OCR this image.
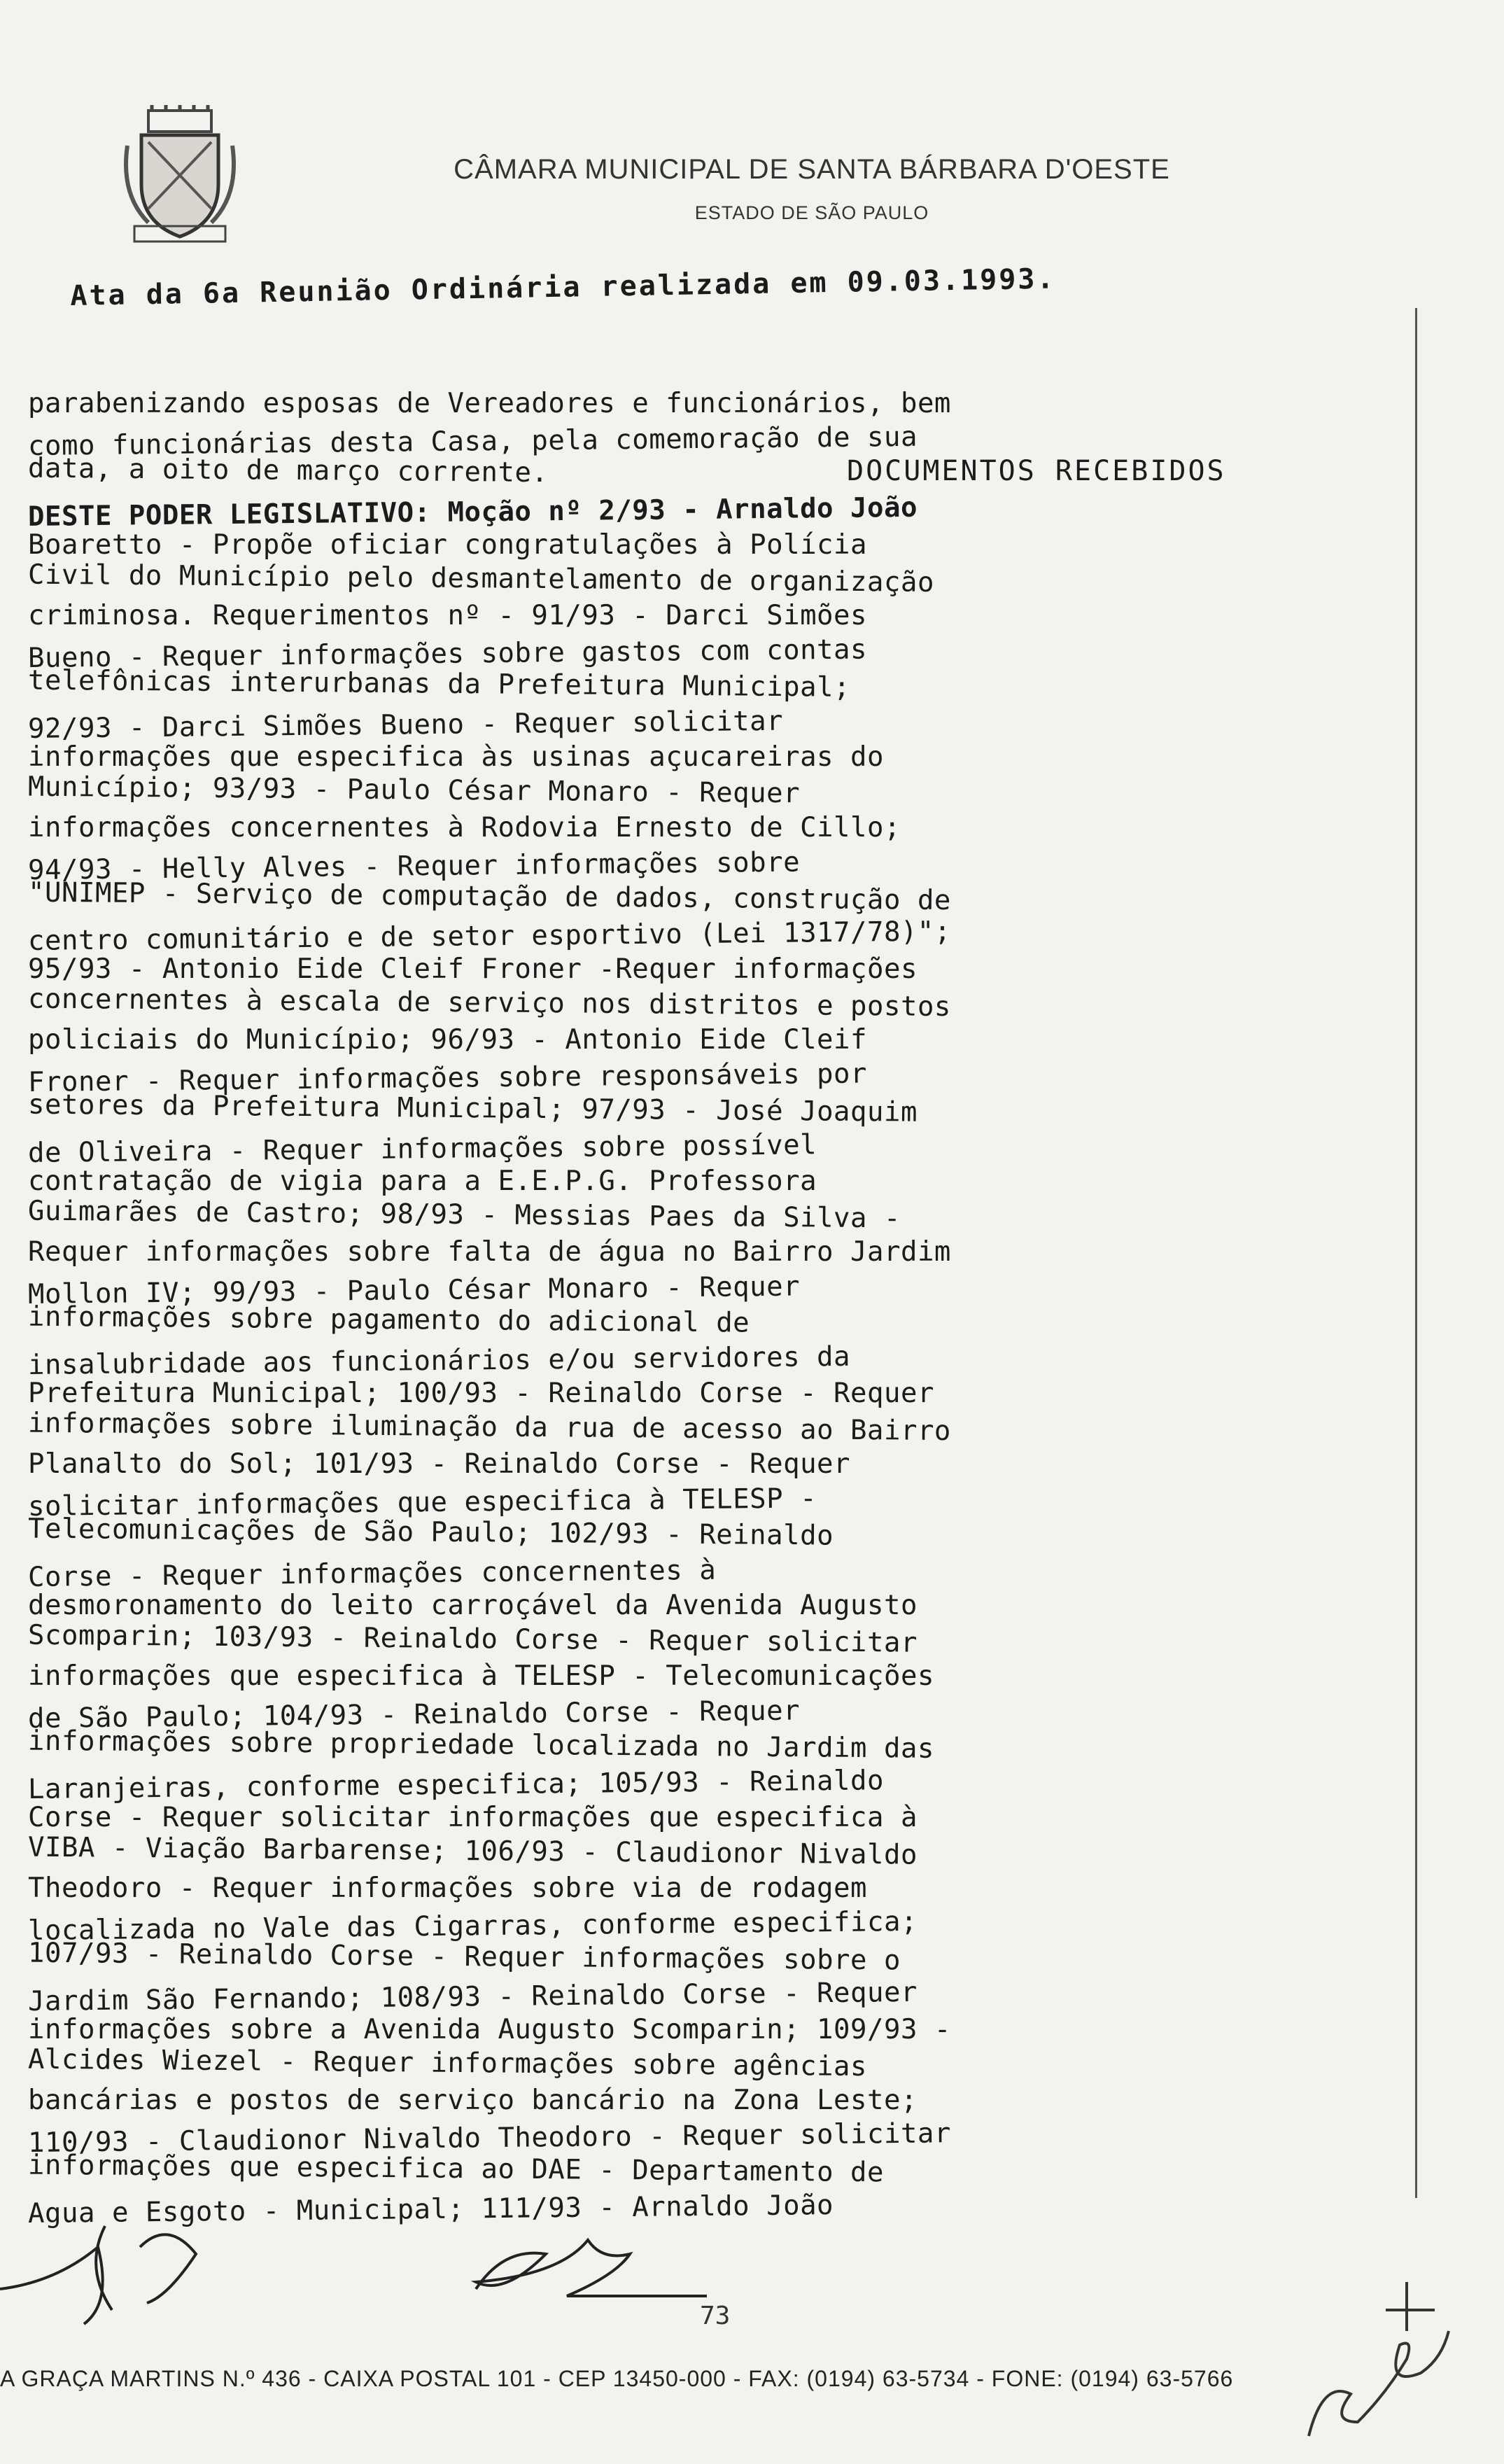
CÂMARA MUNICIPAL DE SANTA BÁRBARA D'OESTE
ESTADO DE SÃO PAULO
Ata da 6a Reunião Ordinária realizada em 09.03.1993.
parabenizando esposas de Vereadores e funcionários, bem
como funcionárias desta Casa, pela comemoração de sua
data, a oito de março corrente.
DESTE PODER LEGISLATIVO: Moção nº 2/93 - Arnaldo João
Boaretto - Propõe oficiar congratulações à Polícia
Civil do Município pelo desmantelamento de organização
criminosa. Requerimentos nº - 91/93 - Darci Simões
Bueno - Requer informações sobre gastos com contas
telefônicas interurbanas da Prefeitura Municipal;
92/93 - Darci Simões Bueno - Requer solicitar
informações que especifica às usinas açucareiras do
Município; 93/93 - Paulo César Monaro - Requer
informações concernentes à Rodovia Ernesto de Cillo;
94/93 - Helly Alves - Requer informações sobre
"UNIMEP - Serviço de computação de dados, construção de
centro comunitário e de setor esportivo (Lei 1317/78)";
95/93 - Antonio Eide Cleif Froner -Requer informações
concernentes à escala de serviço nos distritos e postos
policiais do Município; 96/93 - Antonio Eide Cleif
Froner - Requer informações sobre responsáveis por
setores da Prefeitura Municipal; 97/93 - José Joaquim
de Oliveira - Requer informações sobre possível
contratação de vigia para a E.E.P.G. Professora
Guimarães de Castro; 98/93 - Messias Paes da Silva -
Requer informações sobre falta de água no Bairro Jardim
Mollon IV; 99/93 - Paulo César Monaro - Requer
informações sobre pagamento do adicional de
insalubridade aos funcionários e/ou servidores da
Prefeitura Municipal; 100/93 - Reinaldo Corse - Requer
informações sobre iluminação da rua de acesso ao Bairro
Planalto do Sol; 101/93 - Reinaldo Corse - Requer
solicitar informações que especifica à TELESP -
Telecomunicações de São Paulo; 102/93 - Reinaldo
Corse - Requer informações concernentes à
desmoronamento do leito carroçável da Avenida Augusto
Scomparin; 103/93 - Reinaldo Corse - Requer solicitar
informações que especifica à TELESP - Telecomunicações
de São Paulo; 104/93 - Reinaldo Corse - Requer
informações sobre propriedade localizada no Jardim das
Laranjeiras, conforme especifica; 105/93 - Reinaldo
Corse - Requer solicitar informações que especifica à
VIBA - Viação Barbarense; 106/93 - Claudionor Nivaldo
Theodoro - Requer informações sobre via de rodagem
localizada no Vale das Cigarras, conforme especifica;
107/93 - Reinaldo Corse - Requer informações sobre o
Jardim São Fernando; 108/93 - Reinaldo Corse - Requer
informações sobre a Avenida Augusto Scomparin; 109/93 -
Alcides Wiezel - Requer informações sobre agências
bancárias e postos de serviço bancário na Zona Leste;
110/93 - Claudionor Nivaldo Theodoro - Requer solicitar
informações que especifica ao DAE - Departamento de
Agua e Esgoto - Municipal; 111/93 - Arnaldo João
DOCUMENTOS RECEBIDOS
73
A GRAÇA MARTINS N.º 436 - CAIXA POSTAL 101 - CEP 13450-000 - FAX: (0194) 63-5734 - FONE: (0194) 63-5766
